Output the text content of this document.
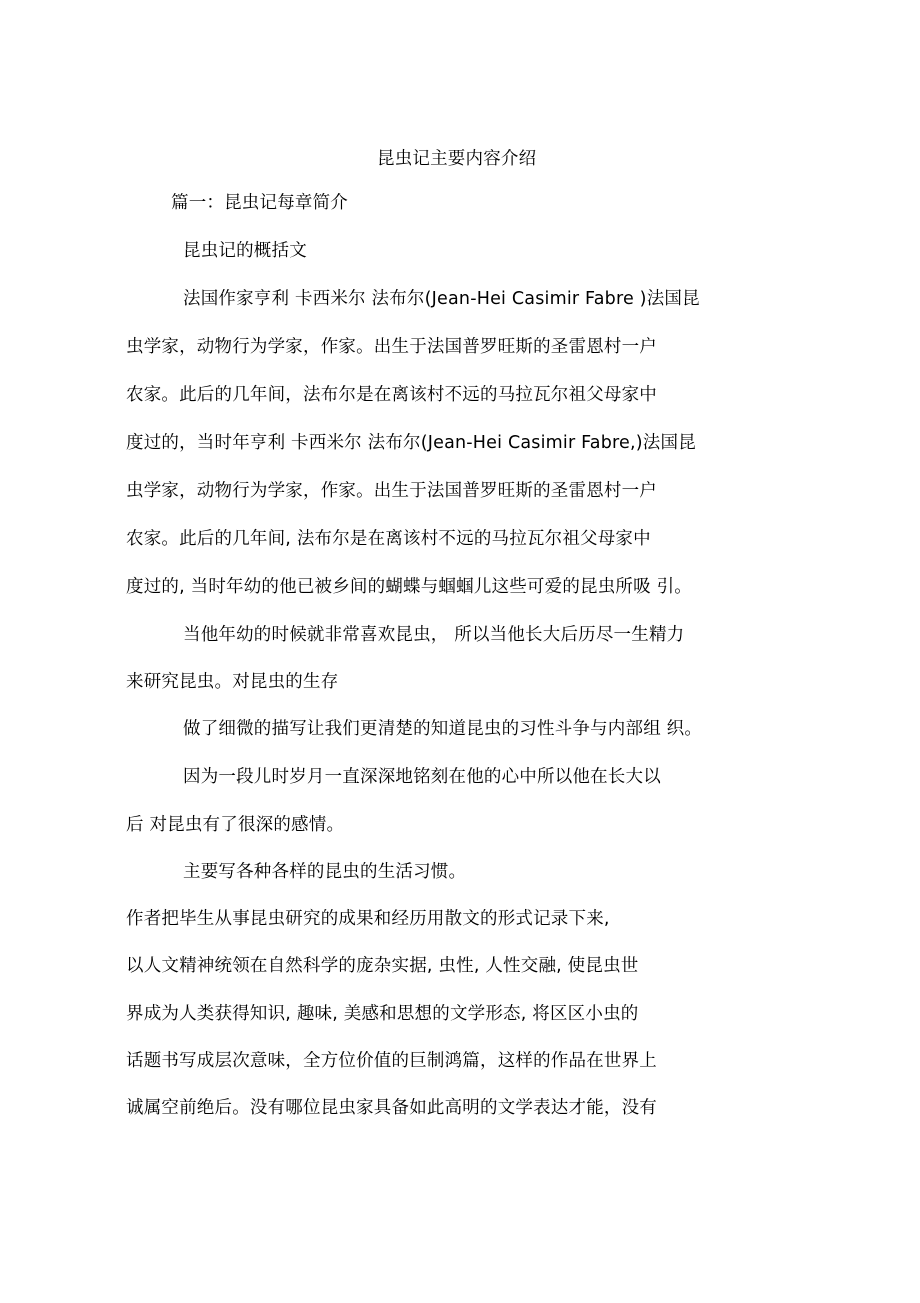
昆虫记主要内容介绍
篇一：昆虫记每章简介
昆虫记的概括文
法国作家亨利 卡西米尔 法布尔(Jean-Hei Casimir Fabre )法国昆
虫学家，动物行为学家，作家。出生于法国普罗旺斯的圣雷恩村一户
农家。此后的几年间，法布尔是在离该村不远的马拉瓦尔祖父母家中
度过的，当时年亨利 卡西米尔 法布尔(Jean-Hei Casimir Fabre,)法国昆
虫学家，动物行为学家，作家。出生于法国普罗旺斯的圣雷恩村一户
农家。此后的几年间, 法布尔是在离该村不远的马拉瓦尔祖父母家中
度过的, 当时年幼的他已被乡间的蝴蝶与蝈蝈儿这些可爱的昆虫所吸 引。
当他年幼的时候就非常喜欢昆虫， 所以当他长大后历尽一生精力
来研究昆虫。对昆虫的生存
做了细微的描写让我们更清楚的知道昆虫的习性斗争与内部组 织。
因为一段儿时岁月一直深深地铭刻在他的心中所以他在长大以
后 对昆虫有了很深的感情。
主要写各种各样的昆虫的生活习惯。
作者把毕生从事昆虫研究的成果和经历用散文的形式记录下来,
以人文精神统领在自然科学的庞杂实据, 虫性, 人性交融, 使昆虫世
界成为人类获得知识, 趣味, 美感和思想的文学形态, 将区区小虫的
话题书写成层次意味，全方位价值的巨制鸿篇，这样的作品在世界上
诚属空前绝后。没有哪位昆虫家具备如此高明的文学表达才能，没有
